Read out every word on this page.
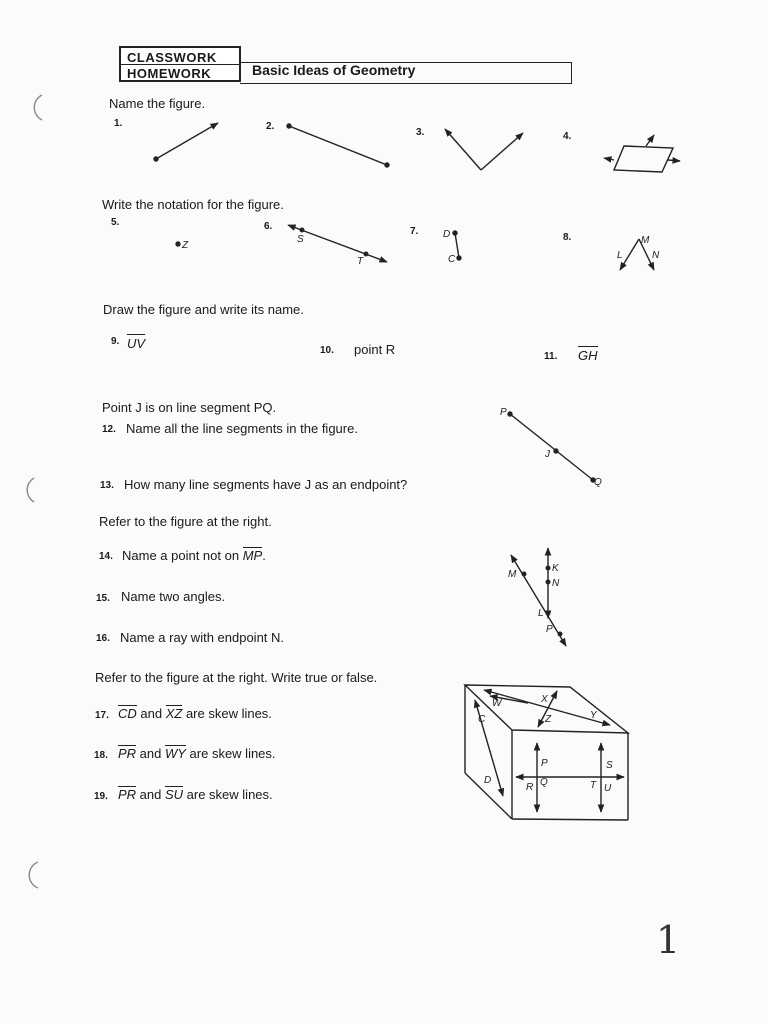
CLASSWORK
HOMEWORK	Basic Ideas of Geometry
Name the figure.
1.	2.
3.	4.
Write the notation for the figure.
5.	6.	7.
8.
Draw the figure and write its name.
9. UV	10. point R	11. GH
Point J is on line segment PQ.
12. Name all the line segments in the figure.
13. How many line segments have J as an endpoint?
Refer to the figure at the right.
14. Name a point not on MP.
15. Name two angles.
16. Name a ray with endpoint N.
Refer to the figure at the right. Write true or false.
17. CD and XZ are skew lines.
18. PR and WY are skew lines.
19. PR and SU are skew lines.
1
Z
S
T
D
C	L
M
N
P
J
Q
K
M
N
L
P
W	X
Y
Z
C
D
P
Q
R
S
T U
